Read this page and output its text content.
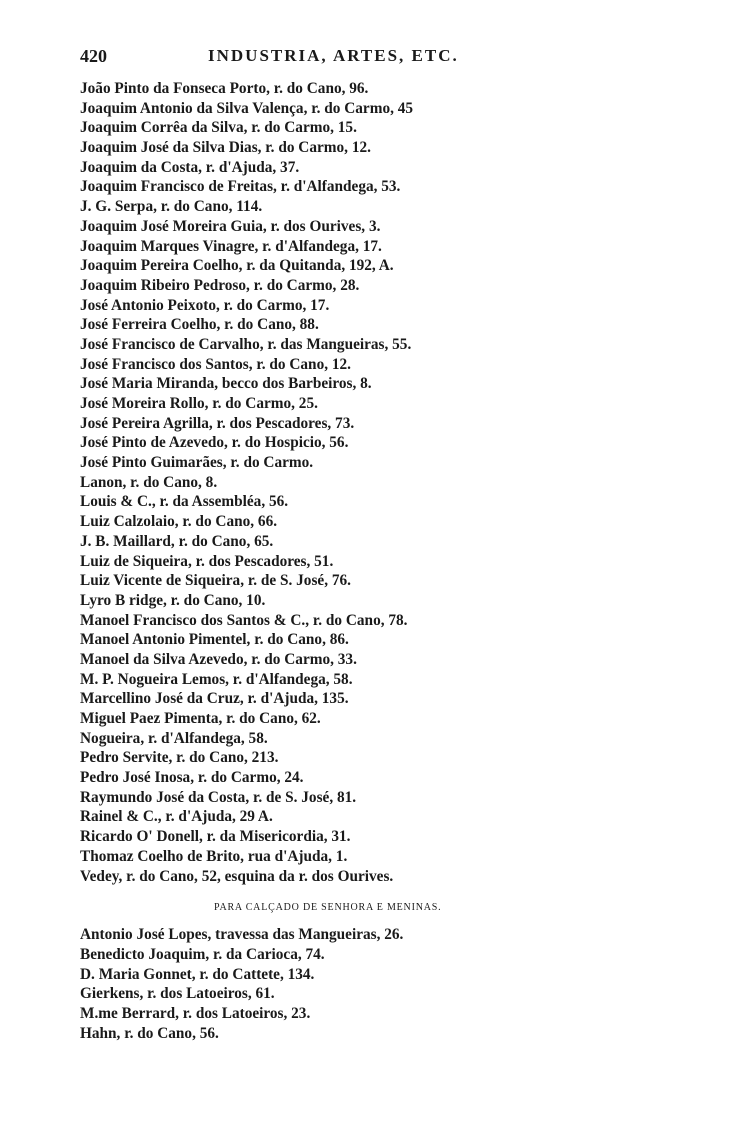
420	INDUSTRIA, ARTES, ETC.
João Pinto da Fonseca Porto, r. do Cano, 96.
Joaquim Antonio da Silva Valença, r. do Carmo, 45
Joaquim Corrêa da Silva, r. do Carmo, 15.
Joaquim José da Silva Dias, r. do Carmo, 12.
Joaquim da Costa, r. d'Ajuda, 37.
Joaquim Francisco de Freitas, r. d'Alfandega, 53.
J. G. Serpa, r. do Cano, 114.
Joaquim José Moreira Guia, r. dos Ourives, 3.
Joaquim Marques Vinagre, r. d'Alfandega, 17.
Joaquim Pereira Coelho, r. da Quitanda, 192, A.
Joaquim Ribeiro Pedroso, r. do Carmo, 28.
José Antonio Peixoto, r. do Carmo, 17.
José Ferreira Coelho, r. do Cano, 88.
José Francisco de Carvalho, r. das Mangueiras, 55.
José Francisco dos Santos, r. do Cano, 12.
José Maria Miranda, becco dos Barbeiros, 8.
José Moreira Rollo, r. do Carmo, 25.
José Pereira Agrilla, r. dos Pescadores, 73.
José Pinto de Azevedo, r. do Hospicio, 56.
José Pinto Guimarães, r. do Carmo.
Lanon, r. do Cano, 8.
Louis & C., r. da Assembléa, 56.
Luiz Calzolaio, r. do Cano, 66.
J. B. Maillard, r. do Cano, 65.
Luiz de Siqueira, r. dos Pescadores, 51.
Luiz Vicente de Siqueira, r. de S. José, 76.
Lyro B ridge, r. do Cano, 10.
Manoel Francisco dos Santos & C., r. do Cano, 78.
Manoel Antonio Pimentel, r. do Cano, 86.
Manoel da Silva Azevedo, r. do Carmo, 33.
M. P. Nogueira Lemos, r. d'Alfandega, 58.
Marcellino José da Cruz, r. d'Ajuda, 135.
Miguel Paez Pimenta, r. do Cano, 62.
Nogueira, r. d'Alfandega, 58.
Pedro Servite, r. do Cano, 213.
Pedro José Inosa, r. do Carmo, 24.
Raymundo José da Costa, r. de S. José, 81.
Rainel & C., r. d'Ajuda, 29 A.
Ricardo O' Donell, r. da Misericordia, 31.
Thomaz Coelho de Brito, rua d'Ajuda, 1.
Vedey, r. do Cano, 52, esquina da r. dos Ourives.
PARA CALÇADO DE SENHORA E MENINAS.
Antonio José Lopes, travessa das Mangueiras, 26.
Benedicto Joaquim, r. da Carioca, 74.
D. Maria Gonnet, r. do Cattete, 134.
Gierkens, r. dos Latoeiros, 61.
M.me Berrard, r. dos Latoeiros, 23.
Hahn, r. do Cano, 56.
